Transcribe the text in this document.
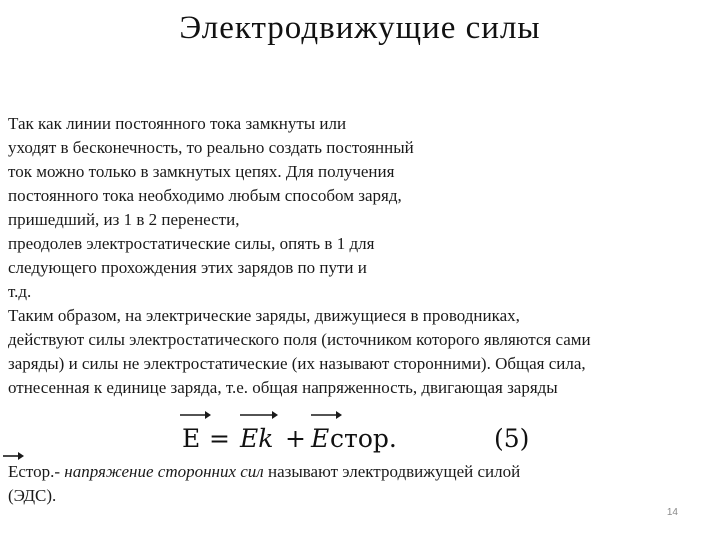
Электродвижущие силы

Так как линии постоянного тока замкнуты или

уходят в бесконечность, то реально создать постоянный

ток можно только в замкнутых цепях. Для получения

постоянного тока необходимо любым способом заряд,

пришедший, из 1 в 2 перенести,

преодолев электростатические силы, опять в 1 для

следующего прохождения этих зарядов по пути и

т.д.

Таким образом, на электрические заряды, движущиеся в проводниках,

действуют силы электростатического поля (источником которого являются сами

заряды) и силы не электростатические (их называют сторонними). Общая сила,

отнесенная к единице заряда, т.е. общая напряженность, двигающая заряды

E = Ek + E стор.	(5)

Естор.- напряжение сторонних сил называют электродвижущей силой

(ЭДС).

14
